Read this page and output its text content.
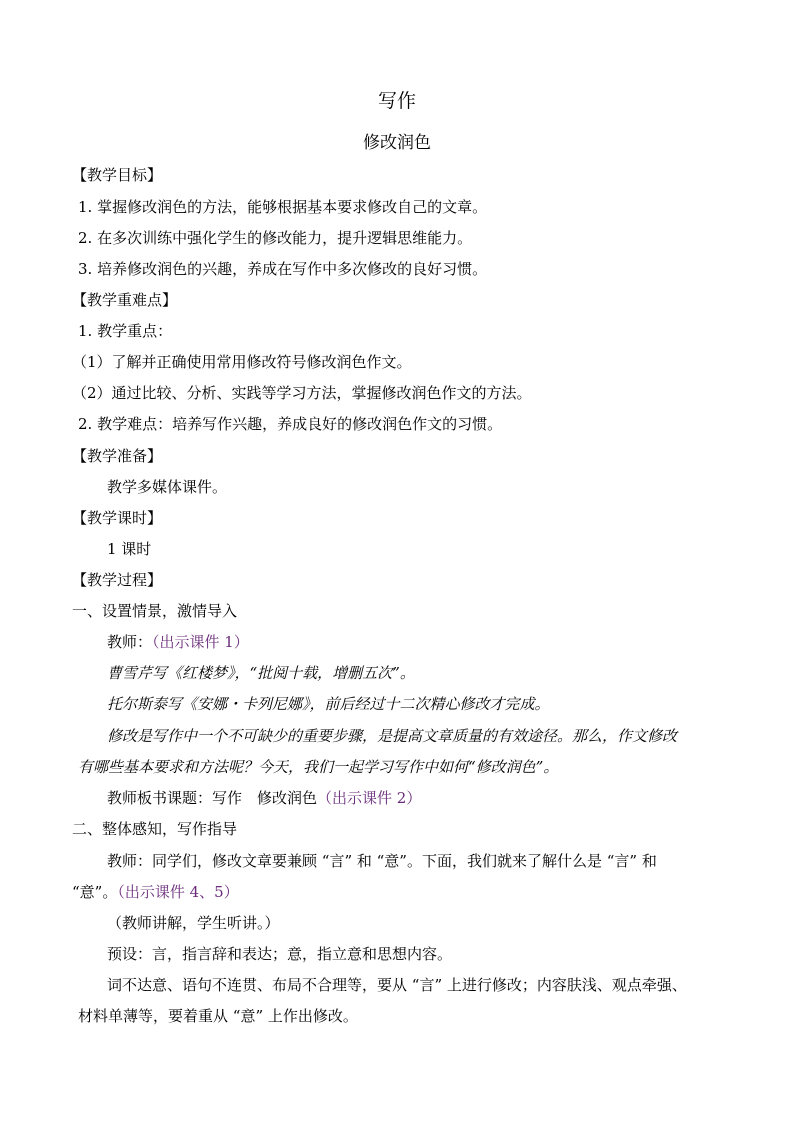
写作
修改润色
【教学目标】
1. 掌握修改润色的方法，能够根据基本要求修改自己的文章。
2. 在多次训练中强化学生的修改能力，提升逻辑思维能力。
3. 培养修改润色的兴趣，养成在写作中多次修改的良好习惯。
【教学重难点】
1. 教学重点：
（1）了解并正确使用常用修改符号修改润色作文。
（2）通过比较、分析、实践等学习方法，掌握修改润色作文的方法。
2. 教学难点：培养写作兴趣，养成良好的修改润色作文的习惯。
【教学准备】
教学多媒体课件。
【教学课时】
1 课时
【教学过程】
一、设置情景，激情导入
教师：（出示课件 1）
曹雪芹写《红楼梦》，“批阅十载，增删五次”。
托尔斯泰写《安娜・卡列尼娜》，前后经过十二次精心修改才完成。
修改是写作中一个不可缺少的重要步骤，是提高文章质量的有效途径。那么，作文修改
有哪些基本要求和方法呢？今天，我们一起学习写作中如何“修改润色”。
教师板书课题：写作　修改润色（出示课件 2）
二、整体感知，写作指导
教师：同学们，修改文章要兼顾 “言” 和 “意”。下面，我们就来了解什么是 “言” 和
“意”。（出示课件 4、5）
（教师讲解，学生听讲。）
预设：言，指言辞和表达；意，指立意和思想内容。
词不达意、语句不连贯、布局不合理等，要从 “言” 上进行修改；内容肤浅、观点牵强、
材料单薄等，要着重从 “意” 上作出修改。
